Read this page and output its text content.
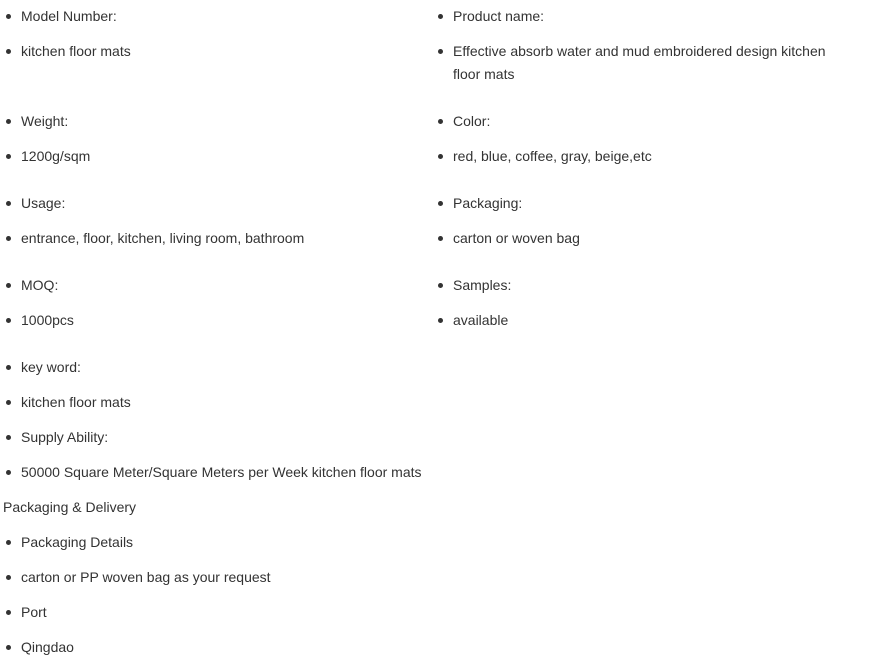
Model Number:
kitchen floor mats
Product name:
Effective absorb water and mud embroidered design kitchen floor mats
Weight:
1200g/sqm
Color:
red, blue, coffee, gray, beige,etc
Usage:
entrance, floor, kitchen, living room, bathroom
Packaging:
carton or woven bag
MOQ:
1000pcs
Samples:
available
key word:
kitchen floor mats
Supply Ability:
50000 Square Meter/Square Meters per Week kitchen floor mats
Packaging & Delivery
Packaging Details
carton or PP woven bag as your request
Port
Qingdao
